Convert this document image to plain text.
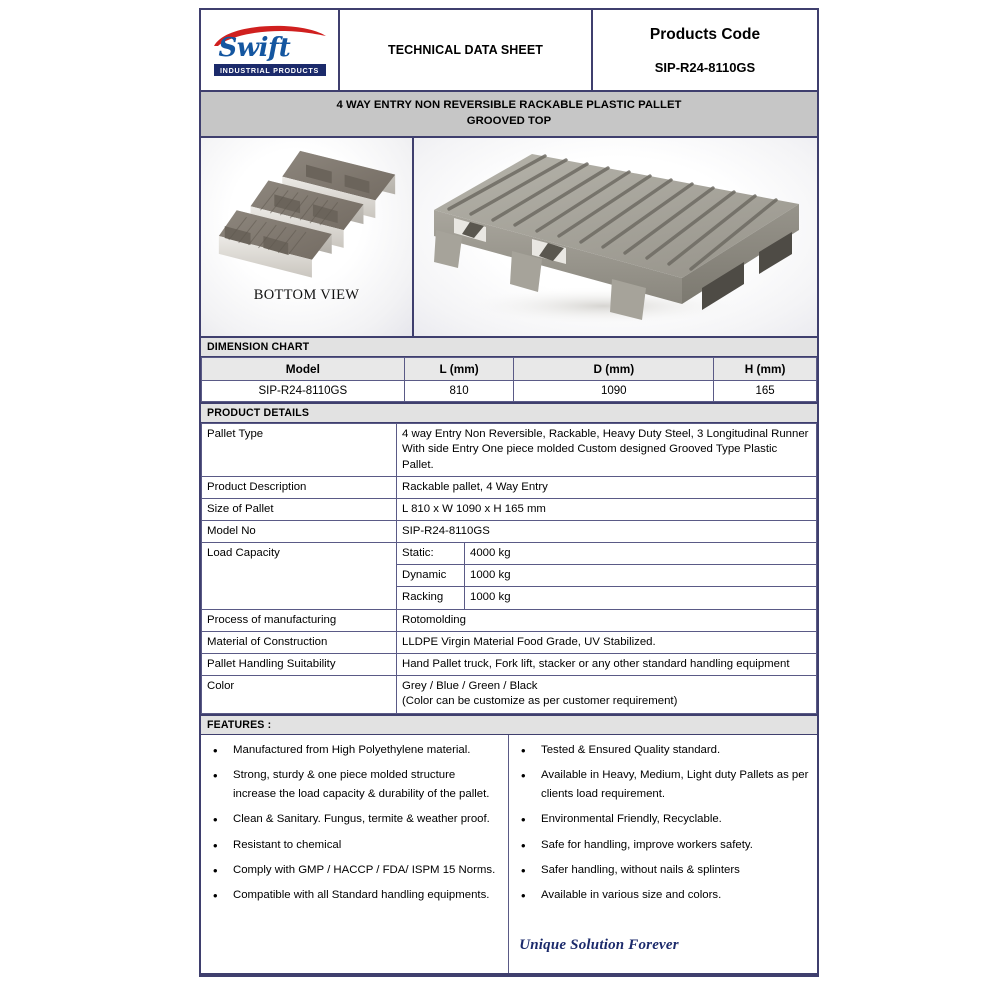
Swift
INDUSTRIAL PRODUCTS
TECHNICAL DATA SHEET
Products Code
SIP-R24-8110GS
4 WAY ENTRY NON REVERSIBLE RACKABLE PLASTIC PALLET
GROOVED TOP
BOTTOM VIEW
DIMENSION CHART
Model	L (mm)	D (mm)	H (mm)
SIP-R24-8110GS	810	1090	165
PRODUCT DETAILS
Pallet Type	4 way Entry Non Reversible, Rackable, Heavy Duty Steel, 3 Longitudinal Runner With side Entry One piece molded Custom designed Grooved Type Plastic Pallet.	
Product Description	Rackable pallet, 4 Way Entry	
Size of Pallet	L 810 x W 1090 x H 165 mm	
Model No	SIP-R24-8110GS	
Load Capacity	Static:	4000 kg
	Dynamic	1000 kg
	Racking	1000 kg
Process of manufacturing	Rotomolding	
Material of Construction	LLDPE Virgin Material Food Grade, UV Stabilized.	
Pallet Handling Suitability	Hand Pallet truck, Fork lift, stacker or any other standard handling equipment	
Color	Grey / Blue / Green / Black
(Color can be customize as per customer requirement)	
FEATURES :
• Manufactured from High Polyethylene material.
• Strong, sturdy & one piece molded structure increase the load capacity & durability of the pallet.
• Clean & Sanitary. Fungus, termite & weather proof.
• Resistant to chemical
• Comply with GMP / HACCP / FDA/ ISPM 15 Norms.
• Compatible with all Standard handling equipments.
• Tested & Ensured Quality standard.
• Available in Heavy, Medium, Light duty Pallets as per clients load requirement.
• Environmental Friendly, Recyclable.
• Safe for handling, improve workers safety.
• Safer handling, without nails & splinters
• Available in various size and colors.
Unique Solution Forever
